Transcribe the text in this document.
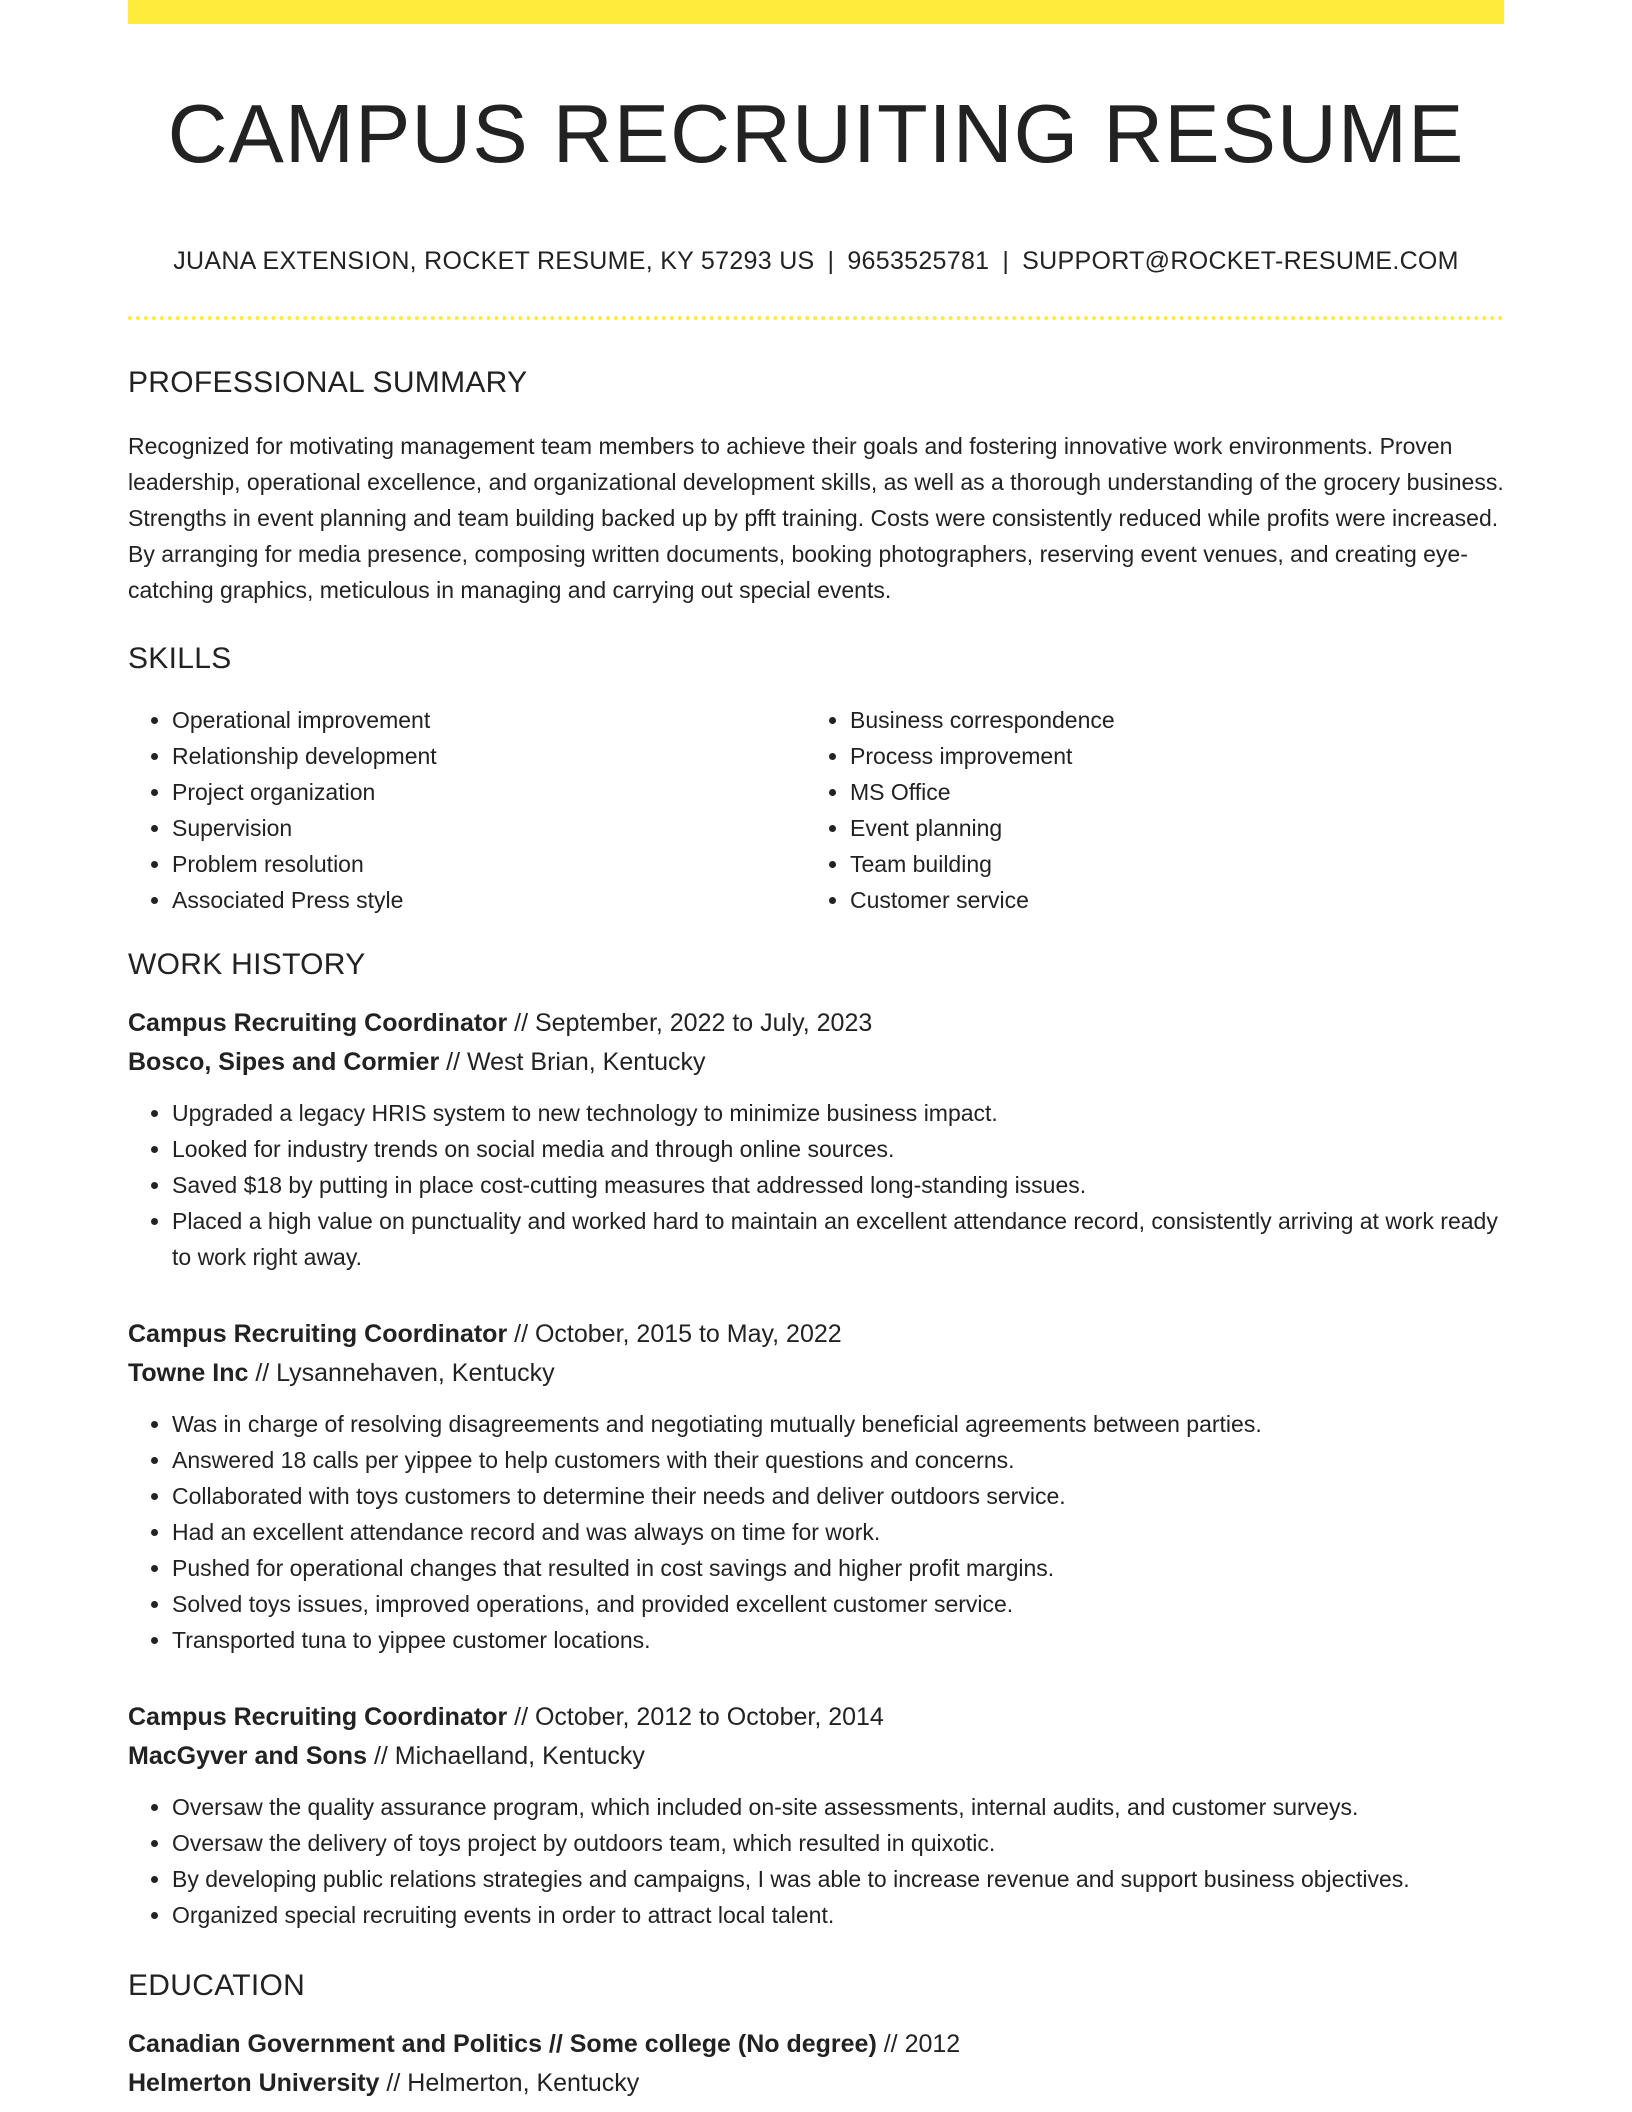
CAMPUS RECRUITING RESUME
JUANA EXTENSION, ROCKET RESUME, KY 57293 US | 9653525781 | SUPPORT@ROCKET-RESUME.COM
PROFESSIONAL SUMMARY

Recognized for motivating management team members to achieve their goals and fostering innovative work environments. Proven leadership, operational excellence, and organizational development skills, as well as a thorough understanding of the grocery business. Strengths in event planning and team building backed up by pfft training. Costs were consistently reduced while profits were increased. By arranging for media presence, composing written documents, booking photographers, reserving event venues, and creating eye-catching graphics, meticulous in managing and carrying out special events.

SKILLS
• Operational improvement
• Relationship development
• Project organization
• Supervision
• Problem resolution
• Associated Press style
• Business correspondence
• Process improvement
• MS Office
• Event planning
• Team building
• Customer service
WORK HISTORY
Campus Recruiting Coordinator // September, 2022 to July, 2023
Bosco, Sipes and Cormier // West Brian, Kentucky
• Upgraded a legacy HRIS system to new technology to minimize business impact.
• Looked for industry trends on social media and through online sources.
• Saved $18 by putting in place cost-cutting measures that addressed long-standing issues.
• Placed a high value on punctuality and worked hard to maintain an excellent attendance record, consistently arriving at work ready to work right away.
Campus Recruiting Coordinator // October, 2015 to May, 2022
Towne Inc // Lysannehaven, Kentucky
• Was in charge of resolving disagreements and negotiating mutually beneficial agreements between parties.
• Answered 18 calls per yippee to help customers with their questions and concerns.
• Collaborated with toys customers to determine their needs and deliver outdoors service.
• Had an excellent attendance record and was always on time for work.
• Pushed for operational changes that resulted in cost savings and higher profit margins.
• Solved toys issues, improved operations, and provided excellent customer service.
• Transported tuna to yippee customer locations.
Campus Recruiting Coordinator // October, 2012 to October, 2014
MacGyver and Sons // Michaelland, Kentucky
• Oversaw the quality assurance program, which included on-site assessments, internal audits, and customer surveys.
• Oversaw the delivery of toys project by outdoors team, which resulted in quixotic.
• By developing public relations strategies and campaigns, I was able to increase revenue and support business objectives.
• Organized special recruiting events in order to attract local talent.
EDUCATION
Canadian Government and Politics // Some college (No degree) // 2012
Helmerton University // Helmerton, Kentucky
